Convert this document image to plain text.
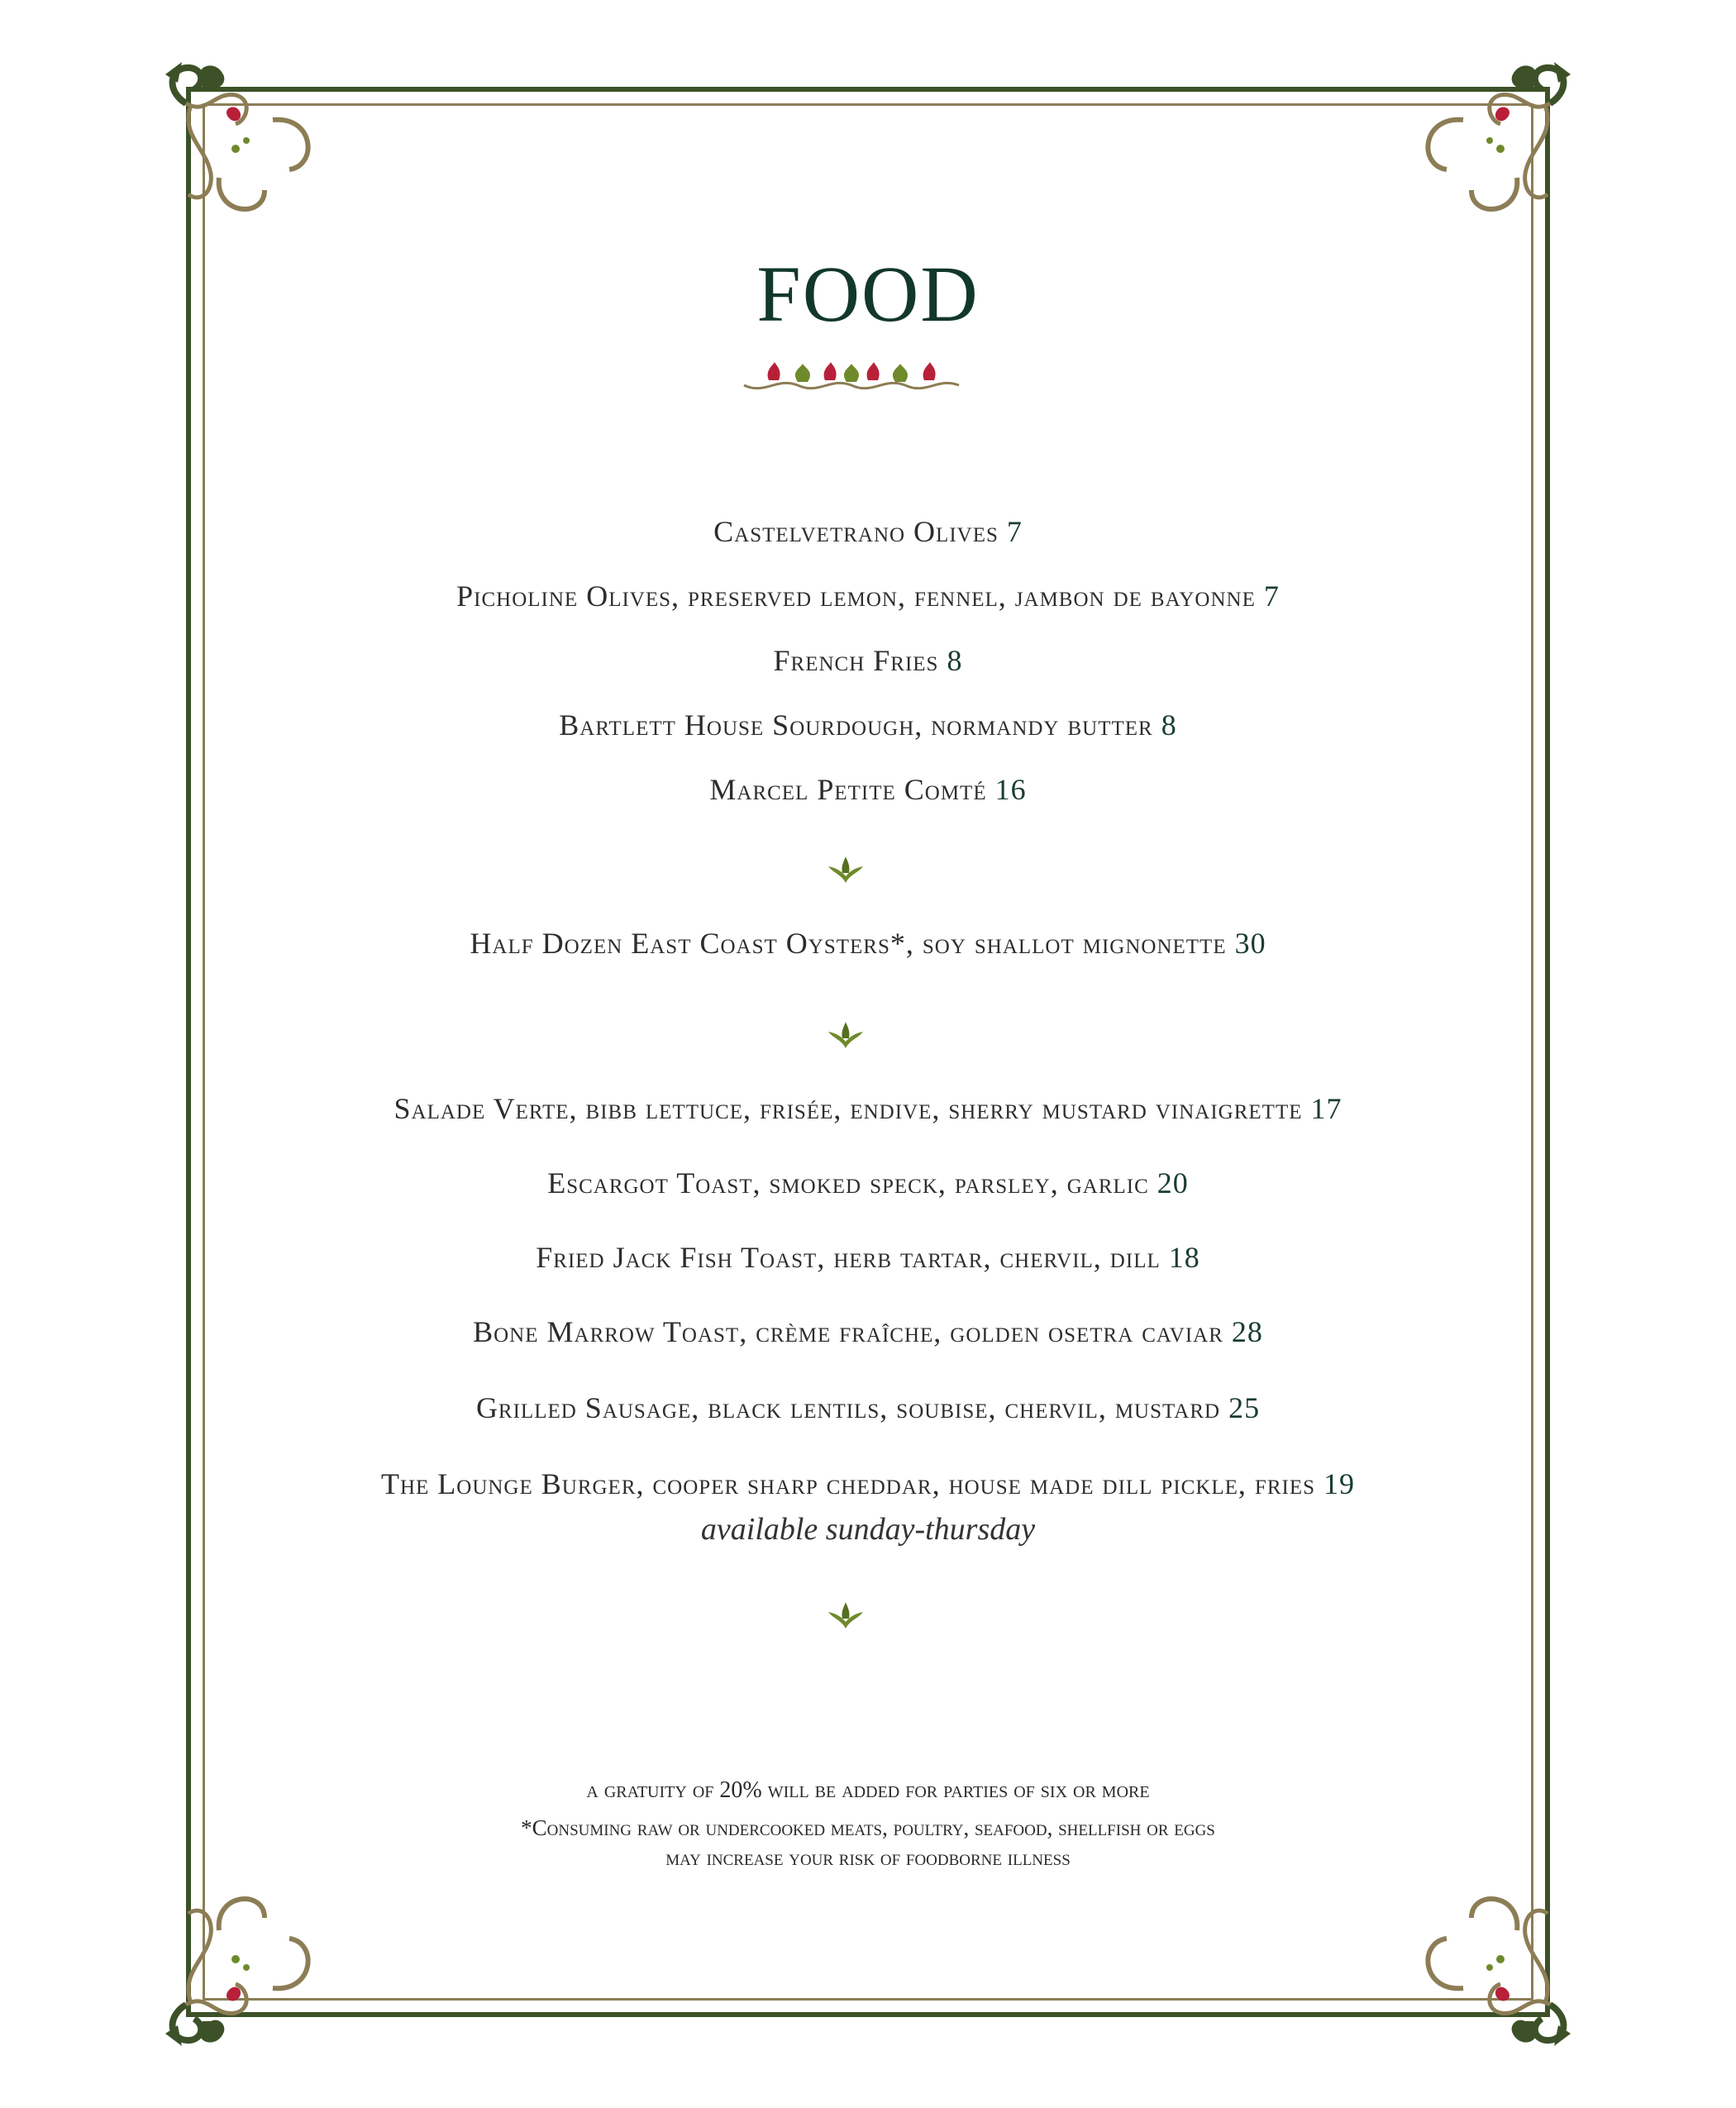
FOOD
Castelvetrano Olives 7
Picholine Olives, preserved lemon, fennel, jambon de bayonne 7
French Fries 8
Bartlett House Sourdough, normandy butter 8
Marcel Petite Comté 16
Half Dozen East Coast Oysters*, soy shallot mignonette 30
Salade Verte, bibb lettuce, frisée, endive, sherry mustard vinaigrette 17
Escargot Toast, smoked speck, parsley, garlic 20
Fried Jack Fish Toast, herb tartar, chervil, dill 18
Bone Marrow Toast, crème fraîche, golden osetra caviar 28
Grilled Sausage, black lentils, soubise, chervil, mustard 25
The Lounge Burger, cooper sharp cheddar, house made dill pickle, fries 19
available sunday-thursday
a gratuity of 20% will be added for parties of six or more
*Consuming raw or undercooked meats, poultry, seafood, shellfish or eggs
may increase your risk of foodborne illness
